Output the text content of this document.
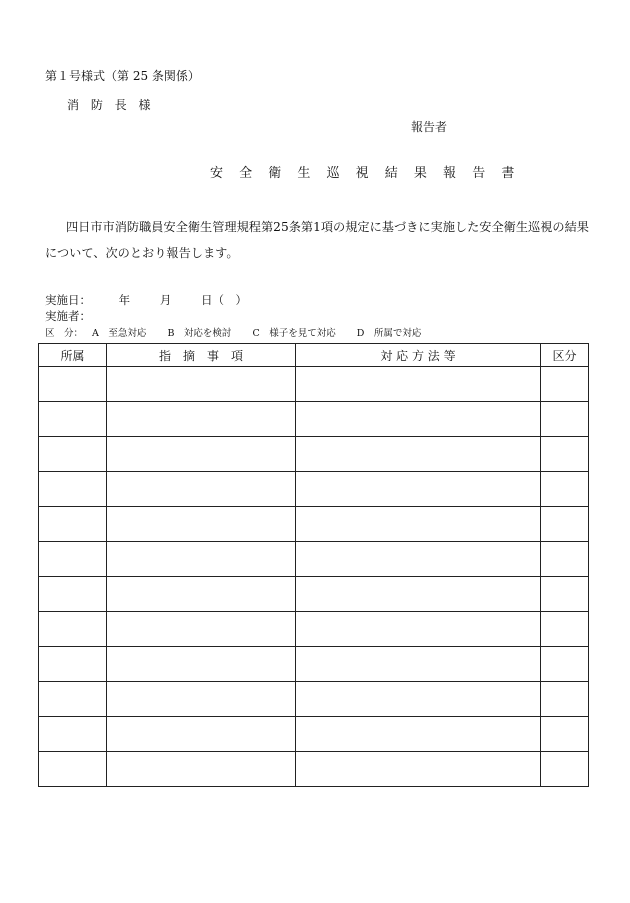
第１号様式（第 25 条関係）
消 防 長 様
報告者
安 全 衛 生 巡 視 結 果 報 告 書
四日市市消防職員安全衛生管理規程第25条第1項の規定に基づきに実施した安全衛生巡視の結果について、次のとおり報告します。
実施日： 年	月	日（　）
実施者：
区　分： A　至急対応 B　対応を検討 C　様子を見て対応 D　所属で対応
所属	指　摘　事　項	対 応 方 法 等	区分
